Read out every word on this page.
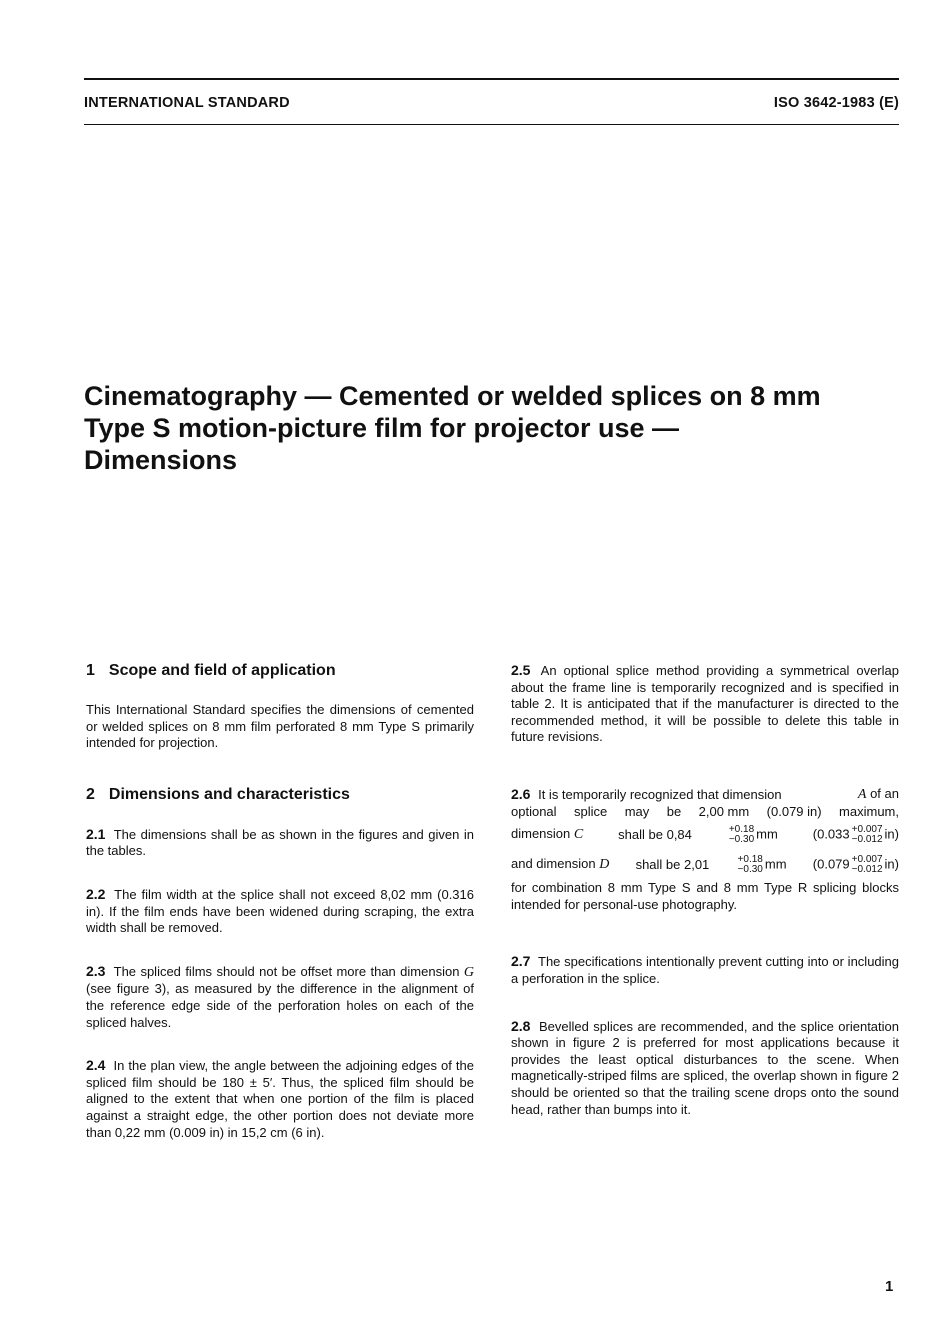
INTERNATIONAL STANDARD	ISO 3642-1983 (E)
Cinematography — Cemented or welded splices on 8 mm
Type S motion-picture film for projector use —
Dimensions
1 Scope and field of application

This International Standard specifies the dimensions of cemented or welded splices on 8 mm film perforated 8 mm Type S primarily intended for projection.

2 Dimensions and characteristics

2.1 The dimensions shall be as shown in the figures and given in the tables.

2.2 The film width at the splice shall not exceed 8,02 mm (0.316 in). If the film ends have been widened during scraping, the extra width shall be removed.

2.3 The spliced films should not be offset more than dimension G (see figure 3), as measured by the difference in the alignment of the reference edge side of the perforation holes on each of the spliced halves.

2.4 In the plan view, the angle between the adjoining edges of the spliced film should be 180 ± 5′. Thus, the spliced film should be aligned to the extent that when one portion of the film is placed against a straight edge, the other portion does not deviate more than 0,22 mm (0.009 in) in 15,2 cm (6 in).

2.5 An optional splice method providing a symmetrical overlap about the frame line is temporarily recognized and is specified in table 2. It is anticipated that if the manufacturer is directed to the recommended method, it will be possible to delete this table in future revisions.

2.6 It is temporarily recognized that dimension	A of an
optional splice may be 2,00 mm (0.079 in) maximum,
dimension C	shall be 0,84	+0.18
−0.30 mm	(0.033 +0.007
−0.012 in)
and dimension D shall be 2,01	+0.18
−0.30 mm (0.079 +0.007
−0.012 in)

for combination 8 mm Type S and 8 mm Type R splicing blocks intended for personal-use photography.

2.7 The specifications intentionally prevent cutting into or including a perforation in the splice.

2.8 Bevelled splices are recommended, and the splice orientation shown in figure 2 is preferred for most applications because it provides the least optical disturbances to the scene. When magnetically-striped films are spliced, the overlap shown in figure 2 should be oriented so that the trailing scene drops onto the sound head, rather than bumps into it.

1
